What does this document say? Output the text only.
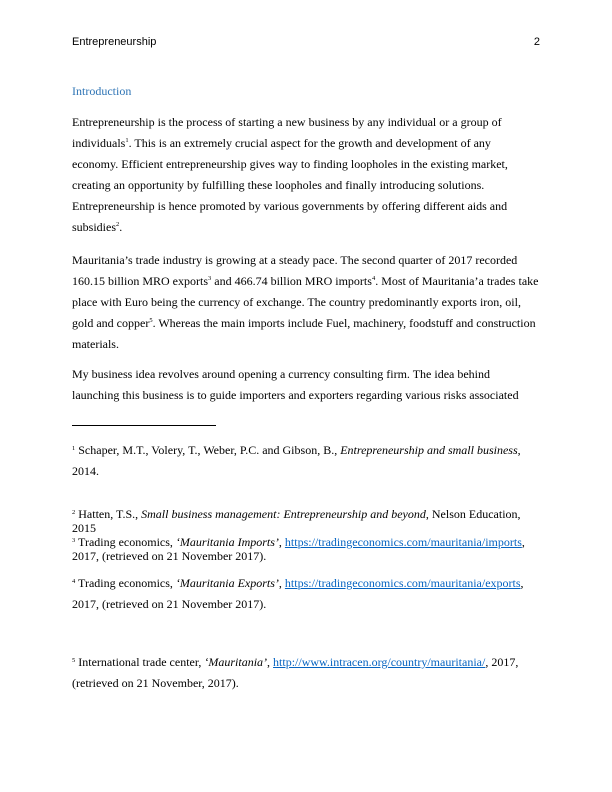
Entrepreneurship	2
Introduction

Entrepreneurship is the process of starting a new business by any individual or a group of individuals$^1$. This is an extremely crucial aspect for the growth and development of any economy. Efficient entrepreneurship gives way to finding loopholes in the existing market, creating an opportunity by fulfilling these loopholes and finally introducing solutions. Entrepreneurship is hence promoted by various governments by offering different aids and subsidies$^2$.

Mauritania’s trade industry is growing at a steady pace. The second quarter of 2017 recorded 160.15 billion MRO exports$^3$ and 466.74 billion MRO imports$^4$. Most of Mauritania’a trades take place with Euro being the currency of exchange. The country predominantly exports iron, oil, gold and copper$^5$. Whereas the main imports include Fuel, machinery, foodstuff and construction materials.

My business idea revolves around opening a currency consulting firm. The idea behind launching this business is to guide importers and exporters regarding various risks associated

$^1$ Schaper, M.T., Volery, T., Weber, P.C. and Gibson, B., Entrepreneurship and small business, 2014.

$^2$ Hatten, T.S., Small business management: Entrepreneurship and beyond, Nelson Education, 2015

$^3$ Trading economics, ‘Mauritania Imports’, https://tradingeconomics.com/mauritania/imports, 2017, (retrieved on 21 November 2017).

$^4$ Trading economics, ‘Mauritania Exports’, https://tradingeconomics.com/mauritania/exports, 2017, (retrieved on 21 November 2017).

$^5$ International trade center, ‘Mauritania’, http://www.intracen.org/country/mauritania/, 2017, (retrieved on 21 November, 2017).
